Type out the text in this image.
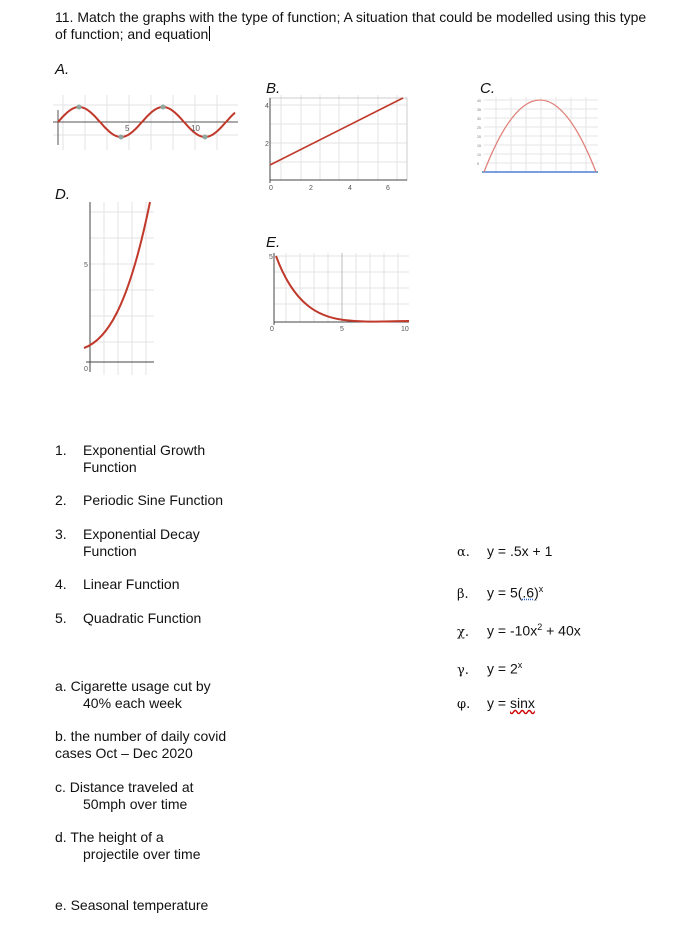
11. Match the graphs with the type of function; A situation that could be modelled using this type of function; and equation
A.
B.	C.
D.
E.
5	10
4
2
0	2	4	6
40
35
30
25
20
15
10
5
5
0
5
0	5	10
1. Exponential Growth
Function
2. Periodic Sine Function
3. Exponential Decay
Function
4. Linear Function
5. Quadratic Function
α. y = .5x + 1
β. $y = 5(.6)^x$
χ. $y = -10x^2 + 40x$
γ. $y = 2^x$
φ. y = sinx
a. Cigarette usage cut by
40% each week
b. the number of daily covid
cases Oct – Dec 2020
c. Distance traveled at
50mph over time
d. The height of a
projectile over time
e. Seasonal temperature
